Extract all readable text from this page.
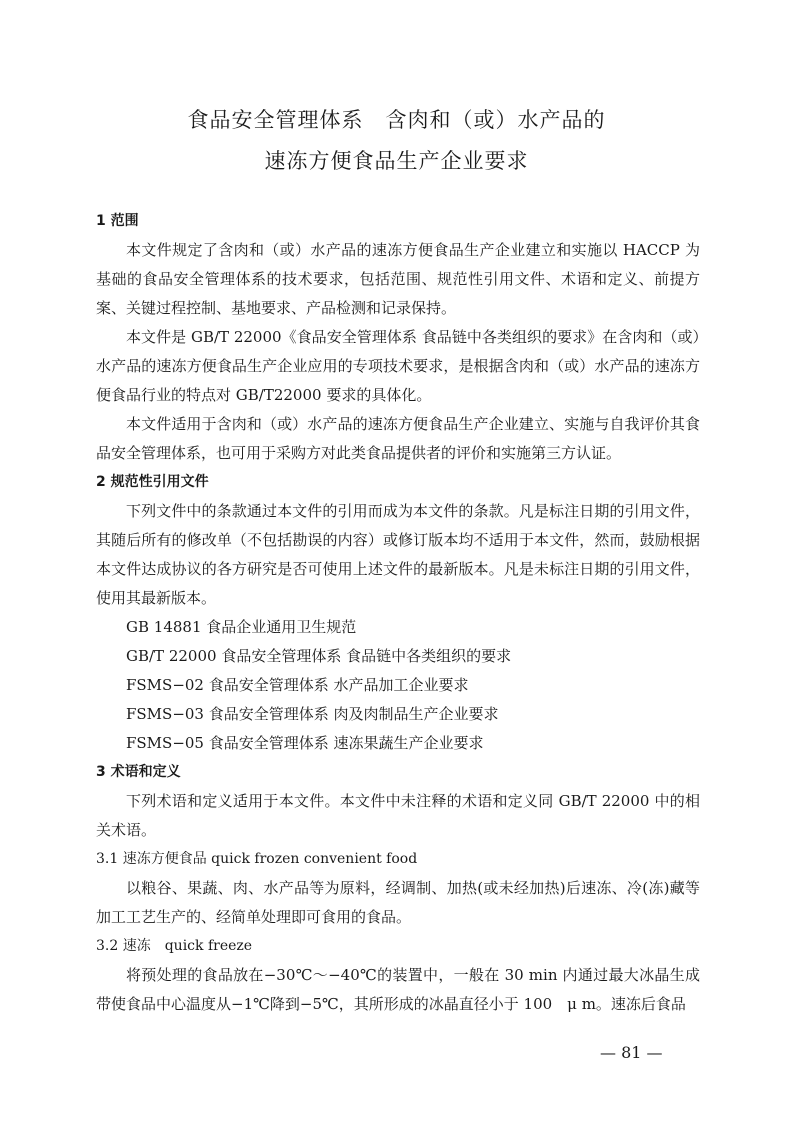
食品安全管理体系　含肉和（或）水产品的
速冻方便食品生产企业要求
1 范围

本文件规定了含肉和（或）水产品的速冻方便食品生产企业建立和实施以 HACCP 为基础的食品安全管理体系的技术要求，包括范围、规范性引用文件、术语和定义、前提方案、关键过程控制、基地要求、产品检测和记录保持。

本文件是 GB/T 22000《食品安全管理体系 食品链中各类组织的要求》在含肉和（或）水产品的速冻方便食品生产企业应用的专项技术要求，是根据含肉和（或）水产品的速冻方便食品行业的特点对 GB/T22000 要求的具体化。

本文件适用于含肉和（或）水产品的速冻方便食品生产企业建立、实施与自我评价其食品安全管理体系，也可用于采购方对此类食品提供者的评价和实施第三方认证。

2 规范性引用文件

下列文件中的条款通过本文件的引用而成为本文件的条款。凡是标注日期的引用文件，其随后所有的修改单（不包括勘误的内容）或修订版本均不适用于本文件，然而，鼓励根据本文件达成协议的各方研究是否可使用上述文件的最新版本。凡是未标注日期的引用文件，使用其最新版本。

GB 14881 食品企业通用卫生规范
GB/T 22000 食品安全管理体系 食品链中各类组织的要求
FSMS−02 食品安全管理体系 水产品加工企业要求
FSMS−03 食品安全管理体系 肉及肉制品生产企业要求
FSMS−05 食品安全管理体系 速冻果蔬生产企业要求
3 术语和定义

下列术语和定义适用于本文件。本文件中未注释的术语和定义同 GB/T 22000 中的相关术语。

3.1 速冻方便食品 quick frozen convenient food

以粮谷、果蔬、肉、水产品等为原料，经调制、加热(或未经加热)后速冻、冷(冻)藏等加工工艺生产的、经简单处理即可食用的食品。

3.2 速冻　quick freeze

将预处理的食品放在−30℃～−40℃的装置中，一般在 30 min 内通过最大冰晶生成带使食品中心温度从−1℃降到−5℃，其所形成的冰晶直径小于 100　μ m。速冻后食品

— 81 —
